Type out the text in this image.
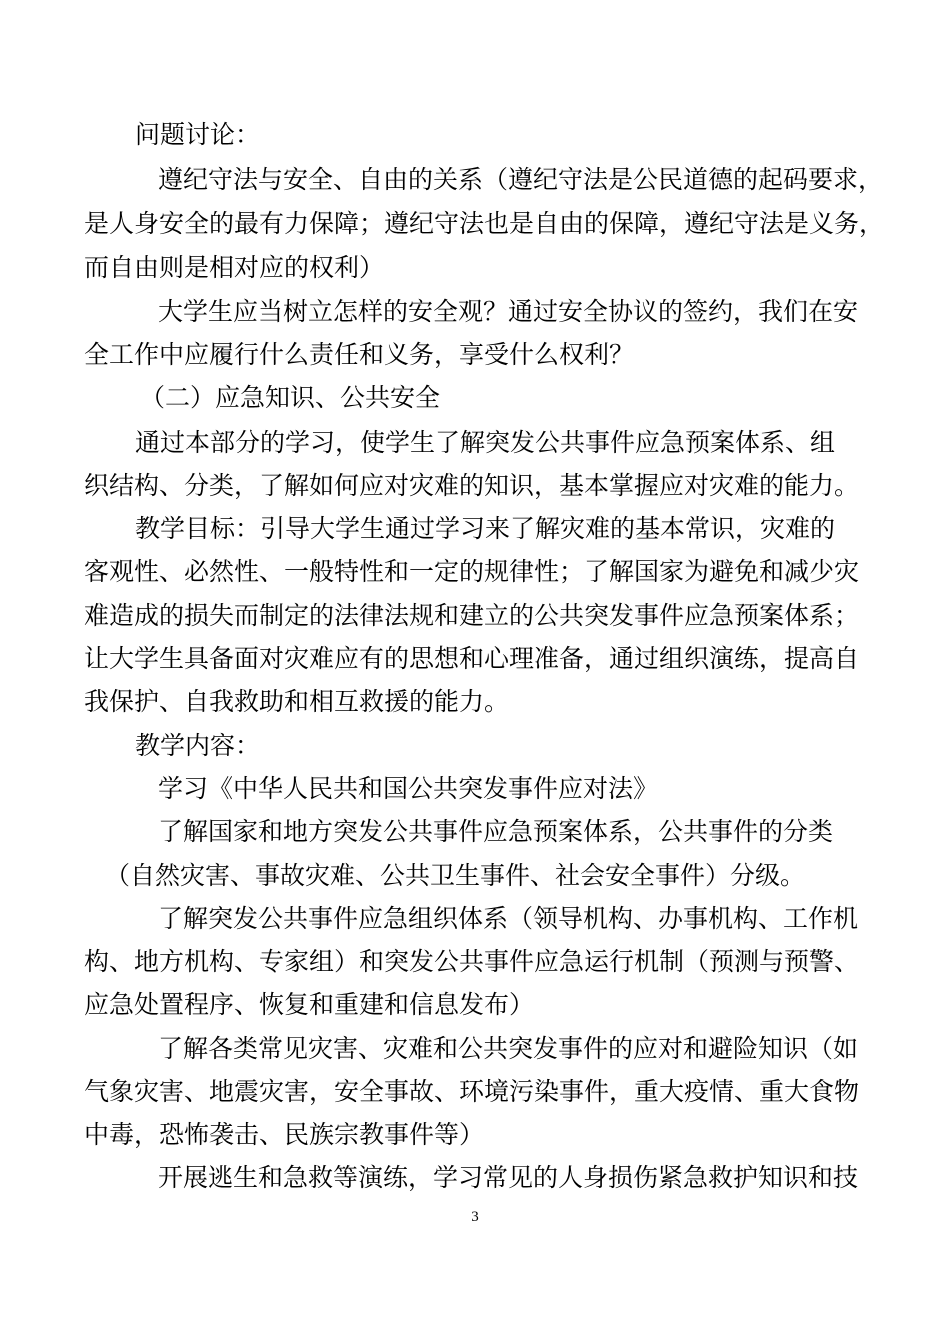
问题讨论：
遵纪守法与安全、自由的关系（遵纪守法是公民道德的起码要求，
是人身安全的最有力保障；遵纪守法也是自由的保障，遵纪守法是义务，
而自由则是相对应的权利）
大学生应当树立怎样的安全观？通过安全协议的签约，我们在安
全工作中应履行什么责任和义务，享受什么权利？
（二）应急知识、公共安全
通过本部分的学习，使学生了解突发公共事件应急预案体系、组
织结构、分类，了解如何应对灾难的知识，基本掌握应对灾难的能力。
教学目标：引导大学生通过学习来了解灾难的基本常识，灾难的
客观性、必然性、一般特性和一定的规律性；了解国家为避免和减少灾
难造成的损失而制定的法律法规和建立的公共突发事件应急预案体系；
让大学生具备面对灾难应有的思想和心理准备，通过组织演练，提高自
我保护、自我救助和相互救援的能力。
教学内容：
学习《中华人民共和国公共突发事件应对法》
了解国家和地方突发公共事件应急预案体系，公共事件的分类
（自然灾害、事故灾难、公共卫生事件、社会安全事件）分级。
了解突发公共事件应急组织体系（领导机构、办事机构、工作机
构、地方机构、专家组）和突发公共事件应急运行机制（预测与预警、
应急处置程序、恢复和重建和信息发布）
了解各类常见灾害、灾难和公共突发事件的应对和避险知识（如
气象灾害、地震灾害，安全事故、环境污染事件，重大疫情、重大食物
中毒，恐怖袭击、民族宗教事件等）
开展逃生和急救等演练，学习常见的人身损伤紧急救护知识和技
3
